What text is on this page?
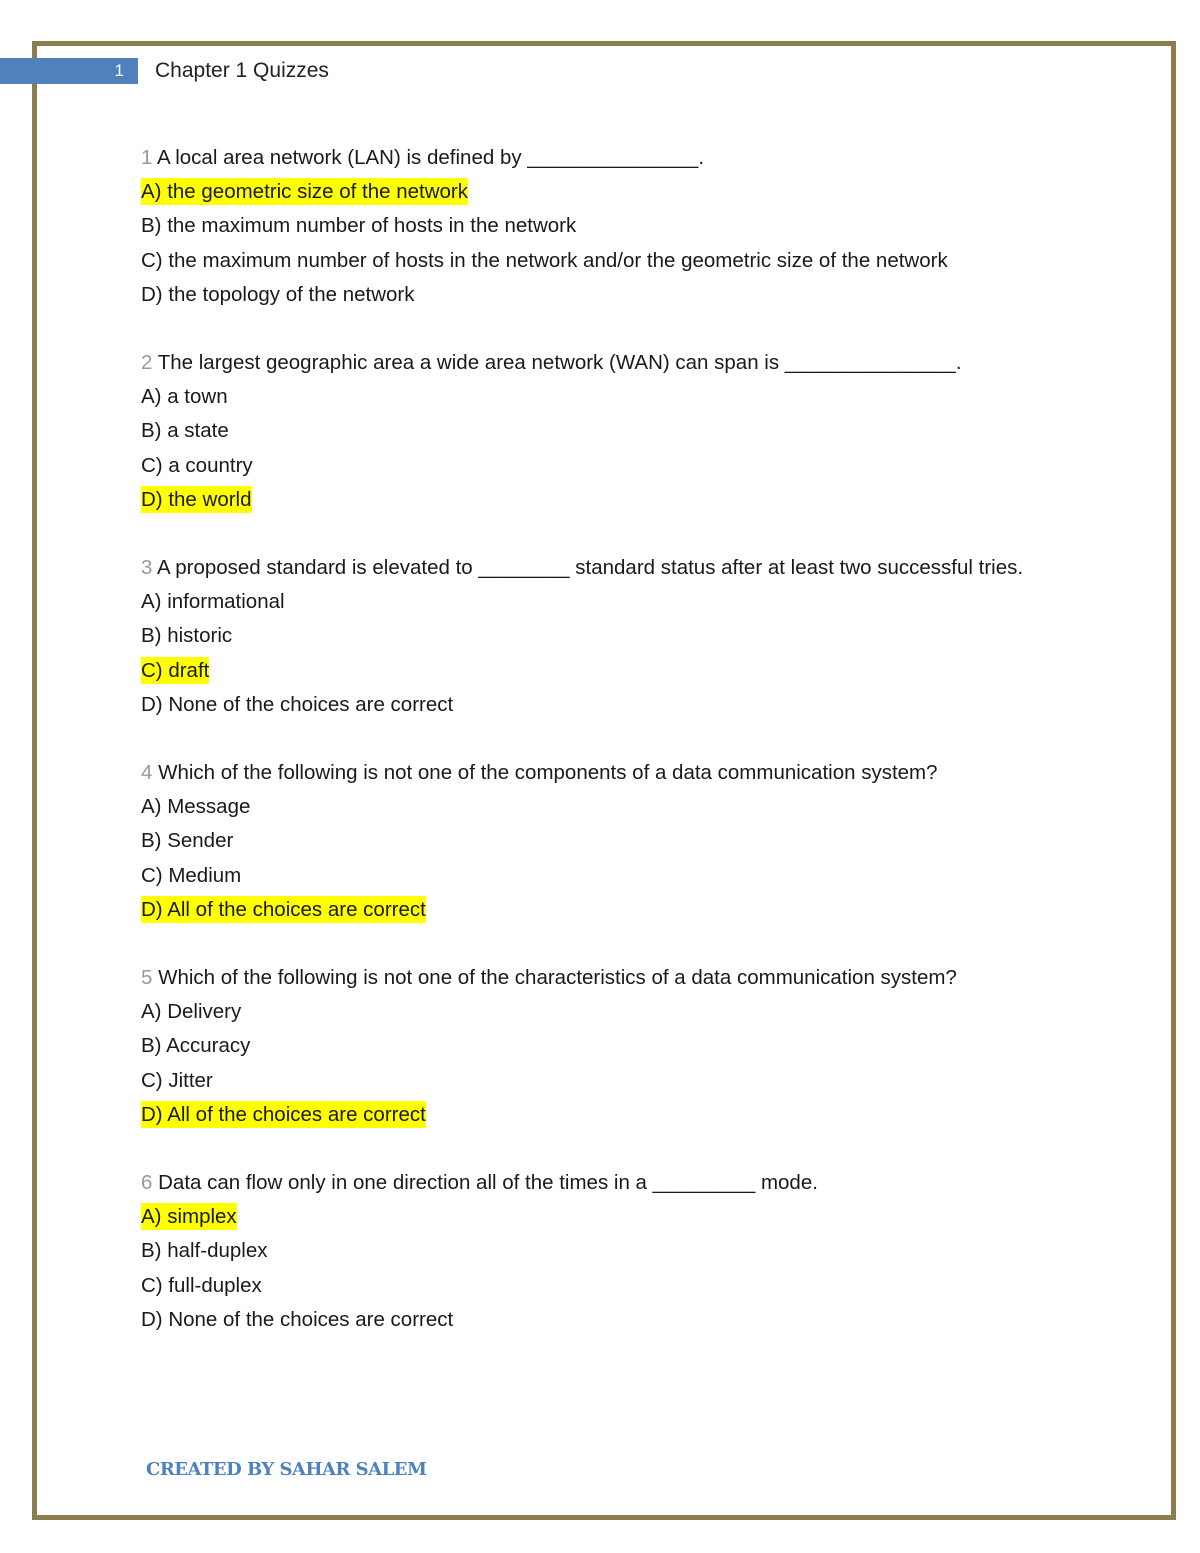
1	Chapter 1 Quizzes
1 A local area network (LAN) is defined by _______________.
A) the geometric size of the network
B) the maximum number of hosts in the network
C) the maximum number of hosts in the network and/or the geometric size of the network
D) the topology of the network
2 The largest geographic area a wide area network (WAN) can span is _______________.
A) a town
B) a state
C) a country
D) the world
3 A proposed standard is elevated to ________ standard status after at least two successful tries.
A) informational
B) historic
C) draft
D) None of the choices are correct
4 Which of the following is not one of the components of a data communication system?
A) Message
B) Sender
C) Medium
D) All of the choices are correct
5 Which of the following is not one of the characteristics of a data communication system?
A) Delivery
B) Accuracy
C) Jitter
D) All of the choices are correct
6 Data can flow only in one direction all of the times in a _________ mode.
A) simplex
B) half-duplex
C) full-duplex
D) None of the choices are correct
CREATED BY SAHAR SALEM
